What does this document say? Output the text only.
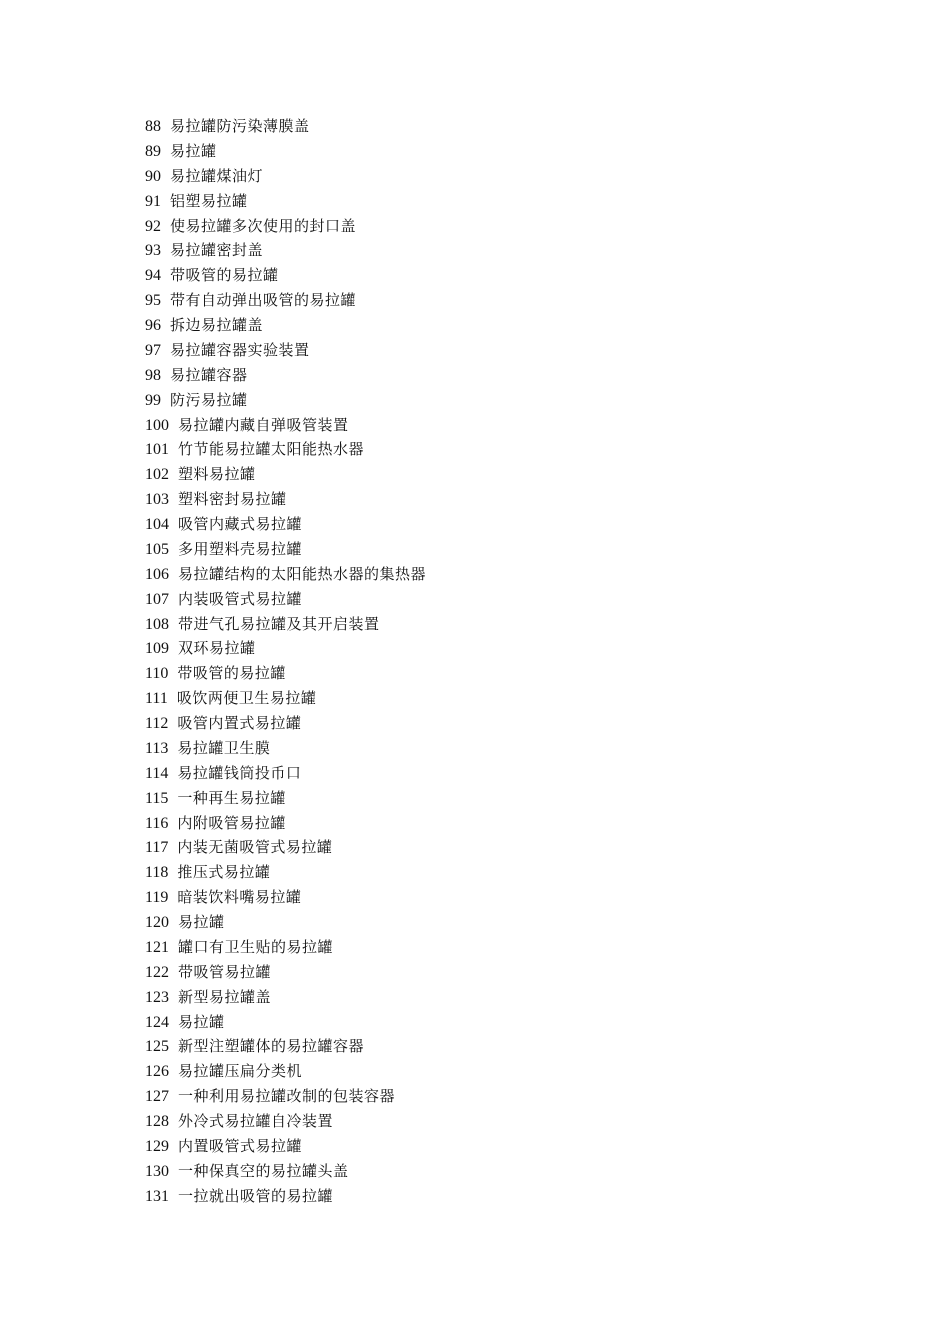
88 易拉罐防污染薄膜盖
89 易拉罐
90 易拉罐煤油灯
91 铝塑易拉罐
92 使易拉罐多次使用的封口盖
93 易拉罐密封盖
94 带吸管的易拉罐
95 带有自动弹出吸管的易拉罐
96 拆边易拉罐盖
97 易拉罐容器实验装置
98 易拉罐容器
99 防污易拉罐
100 易拉罐内藏自弹吸管装置
101 竹节能易拉罐太阳能热水器
102 塑料易拉罐
103 塑料密封易拉罐
104 吸管内藏式易拉罐
105 多用塑料壳易拉罐
106 易拉罐结构的太阳能热水器的集热器
107 内装吸管式易拉罐
108 带进气孔易拉罐及其开启装置
109 双环易拉罐
110 带吸管的易拉罐
111 吸饮两便卫生易拉罐
112 吸管内置式易拉罐
113 易拉罐卫生膜
114 易拉罐钱筒投币口
115 一种再生易拉罐
116 内附吸管易拉罐
117 内装无菌吸管式易拉罐
118 推压式易拉罐
119 暗装饮料嘴易拉罐
120 易拉罐
121 罐口有卫生贴的易拉罐
122 带吸管易拉罐
123 新型易拉罐盖
124 易拉罐
125 新型注塑罐体的易拉罐容器
126 易拉罐压扁分类机
127 一种利用易拉罐改制的包装容器
128 外冷式易拉罐自冷装置
129 内置吸管式易拉罐
130 一种保真空的易拉罐头盖
131 一拉就出吸管的易拉罐
